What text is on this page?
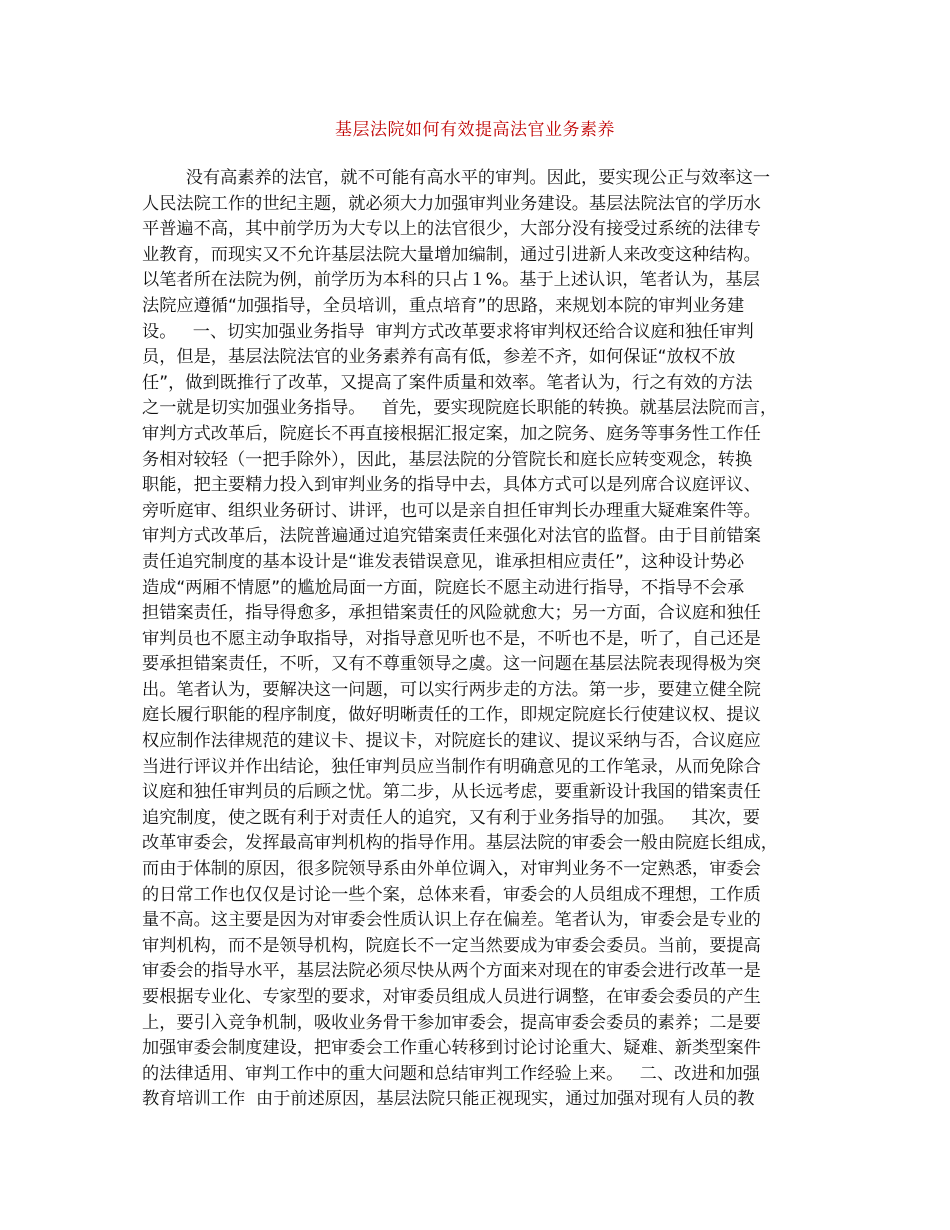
基层法院如何有效提高法官业务素养
没有高素养的法官，就不可能有高水平的审判。因此，要实现公正与效率这一
人民法院工作的世纪主题，就必须大力加强审判业务建设。基层法院法官的学历水
平普遍不高，其中前学历为大专以上的法官很少，大部分没有接受过系统的法律专
业教育，而现实又不允许基层法院大量增加编制，通过引进新人来改变这种结构。
以笔者所在法院为例，前学历为本科的只占１%。基于上述认识，笔者认为，基层
法院应遵循“加强指导，全员培训，重点培育”的思路，来规划本院的审判业务建
设。   一、切实加强业务指导  审判方式改革要求将审判权还给合议庭和独任审判
员，但是，基层法院法官的业务素养有高有低，参差不齐，如何保证“放权不放
任”，做到既推行了改革，又提高了案件质量和效率。笔者认为，行之有效的方法
之一就是切实加强业务指导。   首先，要实现院庭长职能的转换。就基层法院而言，
审判方式改革后，院庭长不再直接根据汇报定案，加之院务、庭务等事务性工作任
务相对较轻（一把手除外），因此，基层法院的分管院长和庭长应转变观念，转换
职能，把主要精力投入到审判业务的指导中去，具体方式可以是列席合议庭评议、
旁听庭审、组织业务研讨、讲评，也可以是亲自担任审判长办理重大疑难案件等。
审判方式改革后，法院普遍通过追究错案责任来强化对法官的监督。由于目前错案
责任追究制度的基本设计是“谁发表错误意见，谁承担相应责任”，这种设计势必
造成“两厢不情愿”的尴尬局面一方面，院庭长不愿主动进行指导，不指导不会承
担错案责任，指导得愈多，承担错案责任的风险就愈大；另一方面，合议庭和独任
审判员也不愿主动争取指导，对指导意见听也不是，不听也不是，听了，自己还是
要承担错案责任，不听，又有不尊重领导之虞。这一问题在基层法院表现得极为突
出。笔者认为，要解决这一问题，可以实行两步走的方法。第一步，要建立健全院
庭长履行职能的程序制度，做好明晰责任的工作，即规定院庭长行使建议权、提议
权应制作法律规范的建议卡、提议卡，对院庭长的建议、提议采纳与否，合议庭应
当进行评议并作出结论，独任审判员应当制作有明确意见的工作笔录，从而免除合
议庭和独任审判员的后顾之忧。第二步，从长远考虑，要重新设计我国的错案责任
追究制度，使之既有利于对责任人的追究，又有利于业务指导的加强。   其次，要
改革审委会，发挥最高审判机构的指导作用。基层法院的审委会一般由院庭长组成，
而由于体制的原因，很多院领导系由外单位调入，对审判业务不一定熟悉，审委会
的日常工作也仅仅是讨论一些个案，总体来看，审委会的人员组成不理想，工作质
量不高。这主要是因为对审委会性质认识上存在偏差。笔者认为，审委会是专业的
审判机构，而不是领导机构，院庭长不一定当然要成为审委会委员。当前，要提高
审委会的指导水平，基层法院必须尽快从两个方面来对现在的审委会进行改革一是
要根据专业化、专家型的要求，对审委员组成人员进行调整，在审委会委员的产生
上，要引入竞争机制，吸收业务骨干参加审委会，提高审委会委员的素养；二是要
加强审委会制度建设，把审委会工作重心转移到讨论讨论重大、疑难、新类型案件
的法律适用、审判工作中的重大问题和总结审判工作经验上来。   二、改进和加强
教育培训工作  由于前述原因，基层法院只能正视现实，通过加强对现有人员的教
